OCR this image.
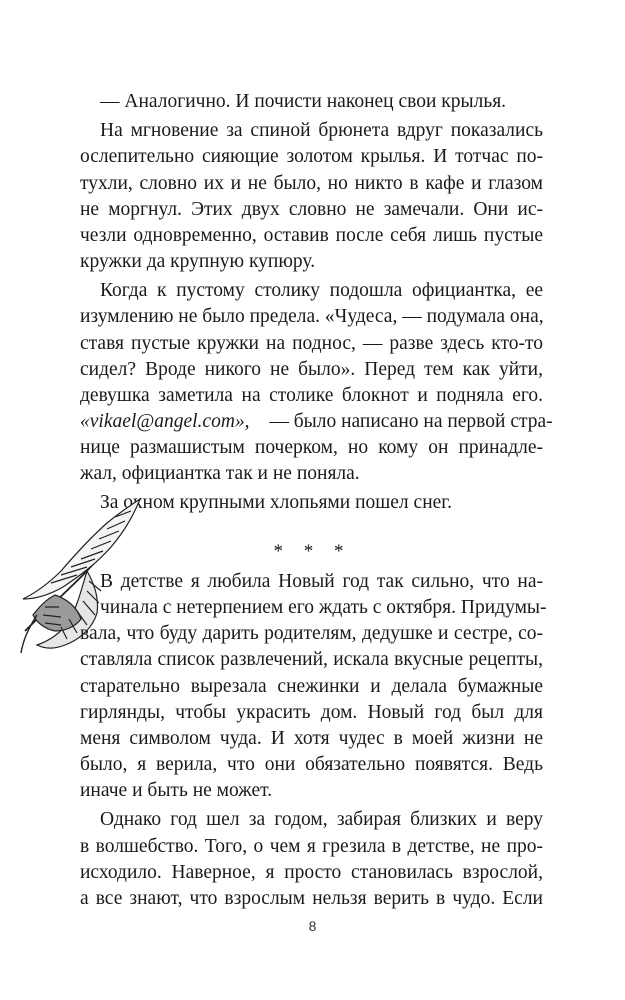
— Аналогично. И почисти наконец свои крылья.
На мгновение за спиной брюнета вдруг показались
ослепительно сияющие золотом крылья. И тотчас по-
тухли, словно их и не было, но никто в кафе и глазом
не моргнул. Этих двух словно не замечали. Они ис-
чезли одновременно, оставив после себя лишь пустые
кружки да крупную купюру.
Когда к пустому столику подошла официантка, ее
изумлению не было предела. «Чудеса, — подумала она,
ставя пустые кружки на поднос, — разве здесь кто-то
сидел? Вроде никого не было». Перед тем как уйти,
девушка заметила на столике блокнот и подняла его.
«vikael@angel.com», — было написано на первой стра-
нице размашистым почерком, но кому он принадле-
жал, официантка так и не поняла.
За окном крупными хлопьями пошел снег.
* * *
В детстве я любила Новый год так сильно, что на-
чинала с нетерпением его ждать с октября. Придумы-
вала, что буду дарить родителям, дедушке и сестре, со-
ставляла список развлечений, искала вкусные рецепты,
старательно вырезала снежинки и делала бумажные
гирлянды, чтобы украсить дом. Новый год был для
меня символом чуда. И хотя чудес в моей жизни не
было, я верила, что они обязательно появятся. Ведь
иначе и быть не может.
Однако год шел за годом, забирая близких и веру
в волшебство. Того, о чем я грезила в детстве, не про-
исходило. Наверное, я просто становилась взрослой,
а все знают, что взрослым нельзя верить в чудо. Если
8
